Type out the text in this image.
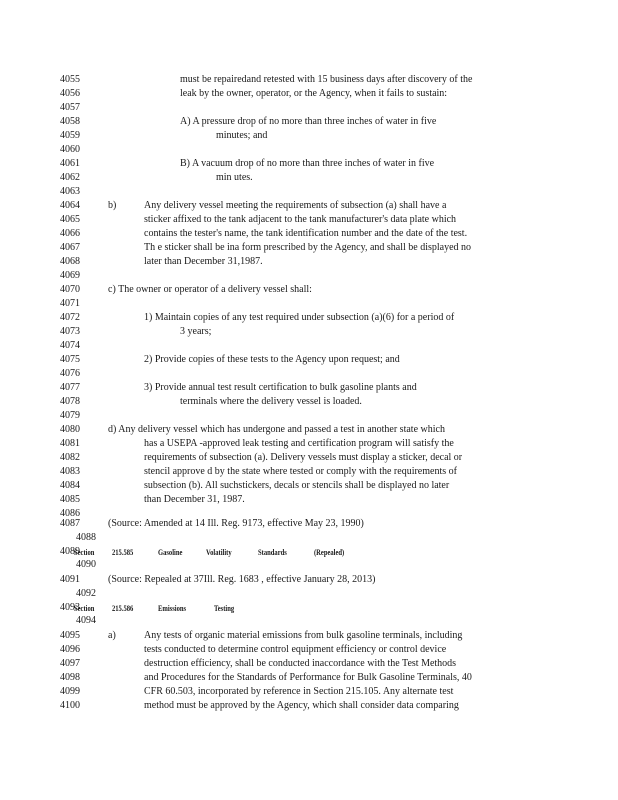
4055
4056
4057
4058
4059
4060
4061
4062
4063
4064
4065
4066
4067
4068
4069
4070
4071
4072
4073
4074
4075
4076
4077
4078
4079
4080
4081
4082
4083
4084
4085
4086
4087
4088
4089
4090
4091
4092
4093
4094
4095
4096
4097
4098
4099
4100
must be repairedand retested with 15 business days after discovery of the
leak by the owner, operator, or the Agency, when it fails to sustain:
A) A pressure drop of no more than three inches of water in five
minutes; and
B) A vacuum drop of no more than three inches of water in five
min utes.
b)	Any delivery vessel meeting the requirements of subsection (a) shall have a
sticker affixed to the tank adjacent to the tank manufacturer's data plate which
contains the tester's name, the tank identification number and the date of the test.
Th e sticker shall be ina form prescribed by the Agency, and shall be displayed no
later than December 31,1987.
c) The owner or operator of a delivery vessel shall:
1) Maintain copies of any test required under subsection (a)(6) for a period of
3 years;
2) Provide copies of these tests to the Agency upon request; and
3) Provide annual test result certification to bulk gasoline plants and
terminals where the delivery vessel is loaded.
d) Any delivery vessel which has undergone and passed a test in another state which
has a USEPA -approved leak testing and certification program will satisfy the
requirements of subsection (a). Delivery vessels must display a sticker, decal or
stencil approve d by the state where tested or comply with the requirements of
subsection (b). All suchstickers, decals or stencils shall be displayed no later
than December 31, 1987.
(Source: Amended at 14 Ill. Reg. 9173, effective May 23, 1990)
Section 215.585	Gasoline	Volatility	Standards	(Repealed)
(Source: Repealed at 37Ill. Reg. 1683 , effective January 28, 2013)
Section 215.586	Emissions	Testing
a)	Any tests of organic material emissions from bulk gasoline terminals, including
tests conducted to determine control equipment efficiency or control device
destruction efficiency, shall be conducted inaccordance with the Test Methods
and Procedures for the Standards of Performance for Bulk Gasoline Terminals, 40
CFR 60.503, incorporated by reference in Section 215.105. Any alternate test
method must be approved by the Agency, which shall consider data comparing
